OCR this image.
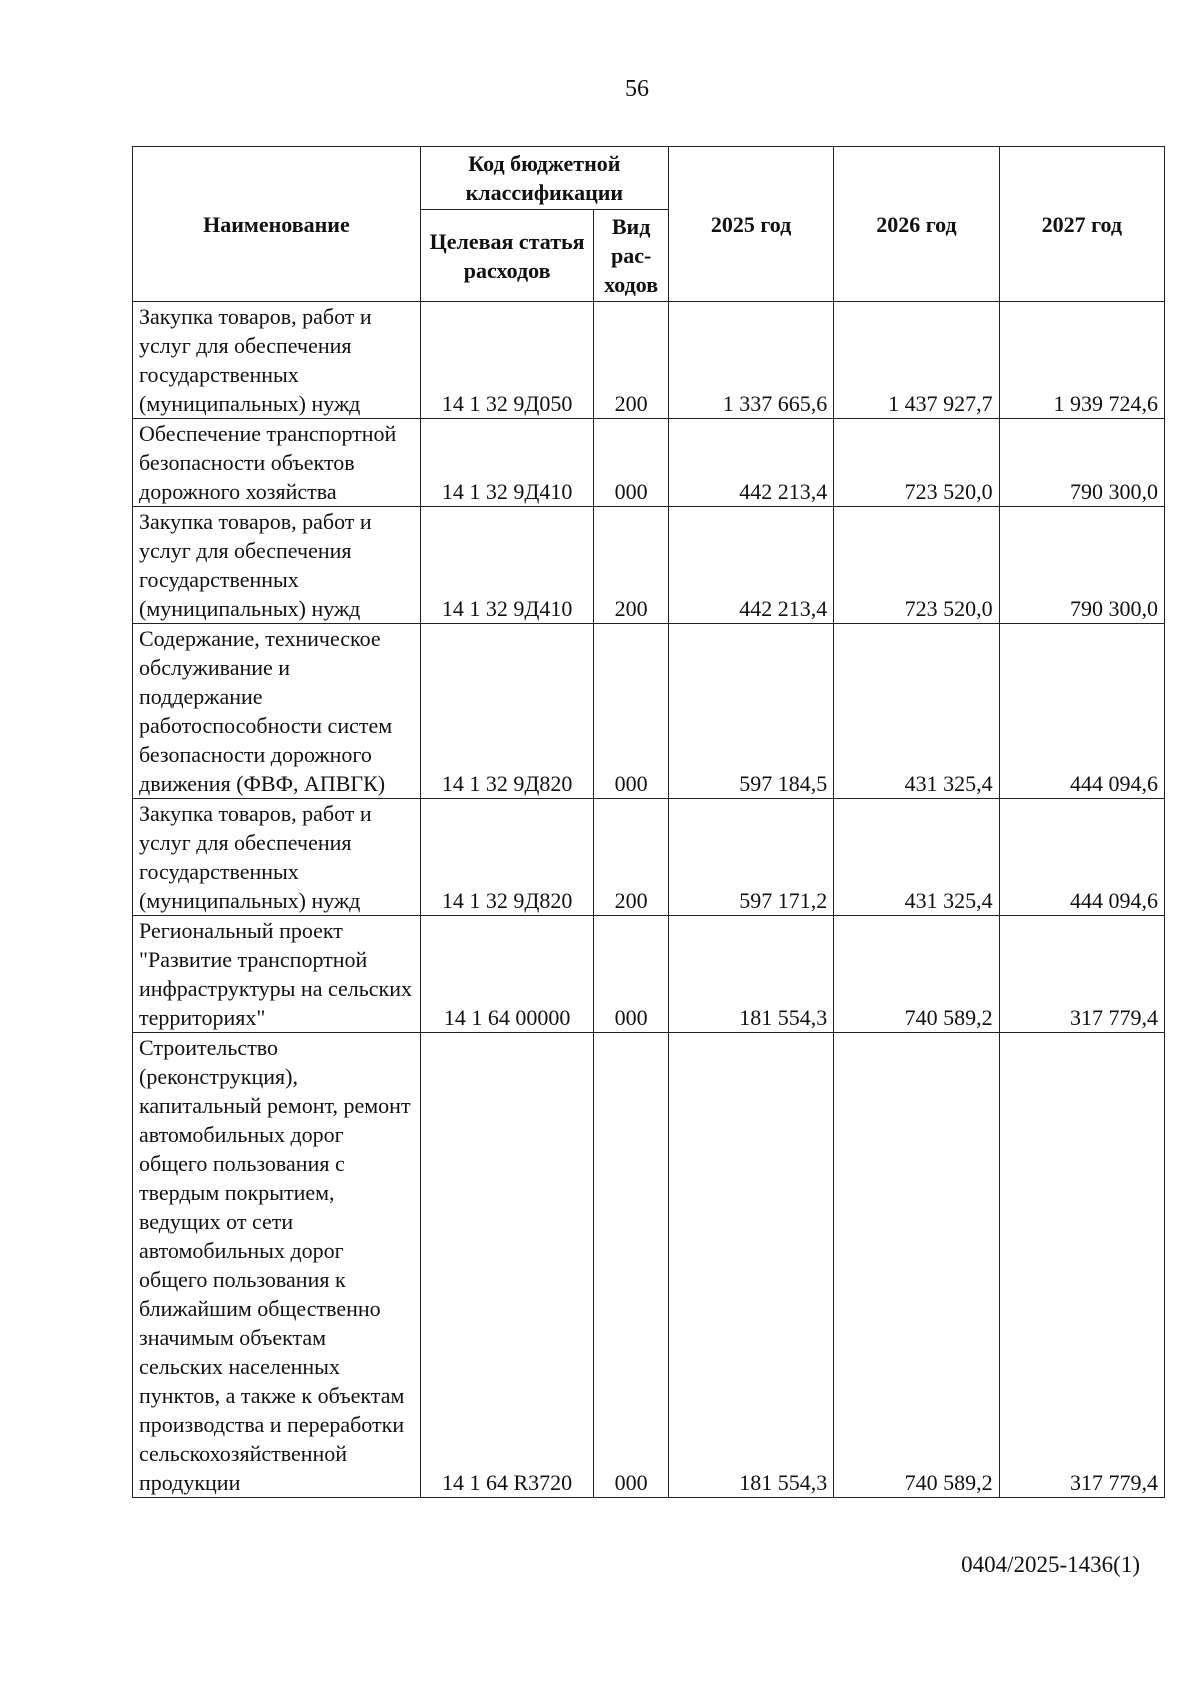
56
Наименование	Код бюджетной классификации		2025 год	2026 год	2027 год
	Целевая статья расходов	Вид рас-ходов			
Закупка товаров, работ и услуг для обеспечения государственных (муниципальных) нужд	14 1 32 9Д050	200	1 337 665,6	1 437 927,7	1 939 724,6
Обеспечение транспортной безопасности объектов дорожного хозяйства	14 1 32 9Д410	000	442 213,4	723 520,0	790 300,0
Закупка товаров, работ и услуг для обеспечения государственных (муниципальных) нужд	14 1 32 9Д410	200	442 213,4	723 520,0	790 300,0
Содержание, техническое обслуживание и поддержание работоспособности систем безопасности дорожного движения (ФВФ, АПВГК)	14 1 32 9Д820	000	597 184,5	431 325,4	444 094,6
Закупка товаров, работ и услуг для обеспечения государственных (муниципальных) нужд	14 1 32 9Д820	200	597 171,2	431 325,4	444 094,6
Региональный проект "Развитие транспортной инфраструктуры на сельских территориях"	14 1 64 00000	000	181 554,3	740 589,2	317 779,4
Строительство (реконструкция), капитальный ремонт, ремонт автомобильных дорог общего пользования с твердым покрытием, ведущих от сети автомобильных дорог общего пользования к ближайшим общественно значимым объектам сельских населенных пунктов, а также к объектам производства и переработки сельскохозяйственной продукции	14 1 64 R3720	000	181 554,3	740 589,2	317 779,4
0404/2025-1436(1)
